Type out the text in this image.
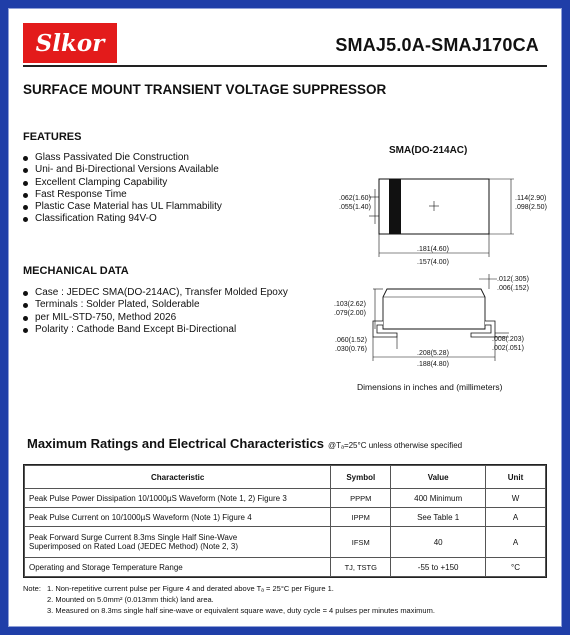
Slkor	SMAJ5.0A-SMAJ170CA
SURFACE MOUNT TRANSIENT VOLTAGE SUPPRESSOR
FEATURES
Glass Passivated Die Construction
Uni- and Bi-Directional Versions Available
Excellent Clamping Capability
Fast Response Time
Plastic Case Material has UL Flammability
Classification Rating 94V-O
MECHANICAL DATA
Case : JEDEC SMA(DO-214AC), Transfer Molded Epoxy
Terminals : Solder Plated, Solderable
per MIL-STD-750, Method 2026
Polarity : Cathode Band Except Bi-Directional
SMA(DO-214AC)
.062(1.60)
.055(1.40)
.114(2.90)
.098(2.50)
.181(4.60)
.157(4.00)
.012(.305)
.006(.152)
.103(2.62)
.079(2.00)
.060(1.52)
.030(0.76)
.008(.203)
.002(.051)
.208(5.28)
.188(4.80)
Dimensions in inches and (millimeters)
Maximum Ratings and Electrical Characteristics @Tₐ=25°C unless otherwise specified
Characteristic	Symbol	Value	Unit
Peak Pulse Power Dissipation 10/1000µS Waveform (Note 1, 2) Figure 3	PPPM	400 Minimum	W
Peak Pulse Current on 10/1000µS Waveform (Note 1) Figure 4	IPPM	See Table 1	A

Peak Forward Surge Current 8.3ms Single Half Sine-Wave
Superimposed on Rated Load (JEDEC Method) (Note 2, 3)	IFSM	40	A
Operating and Storage Temperature Range	TJ, TSTG	-55 to +150	°C
Note: 1. Non-repetitive current pulse per Figure 4 and derated above Tₐ = 25°C per Figure 1.
2. Mounted on 5.0mm² (0.013mm thick) land area.
3. Measured on 8.3ms single half sine-wave or equivalent square wave, duty cycle = 4 pulses per minutes maximum.
